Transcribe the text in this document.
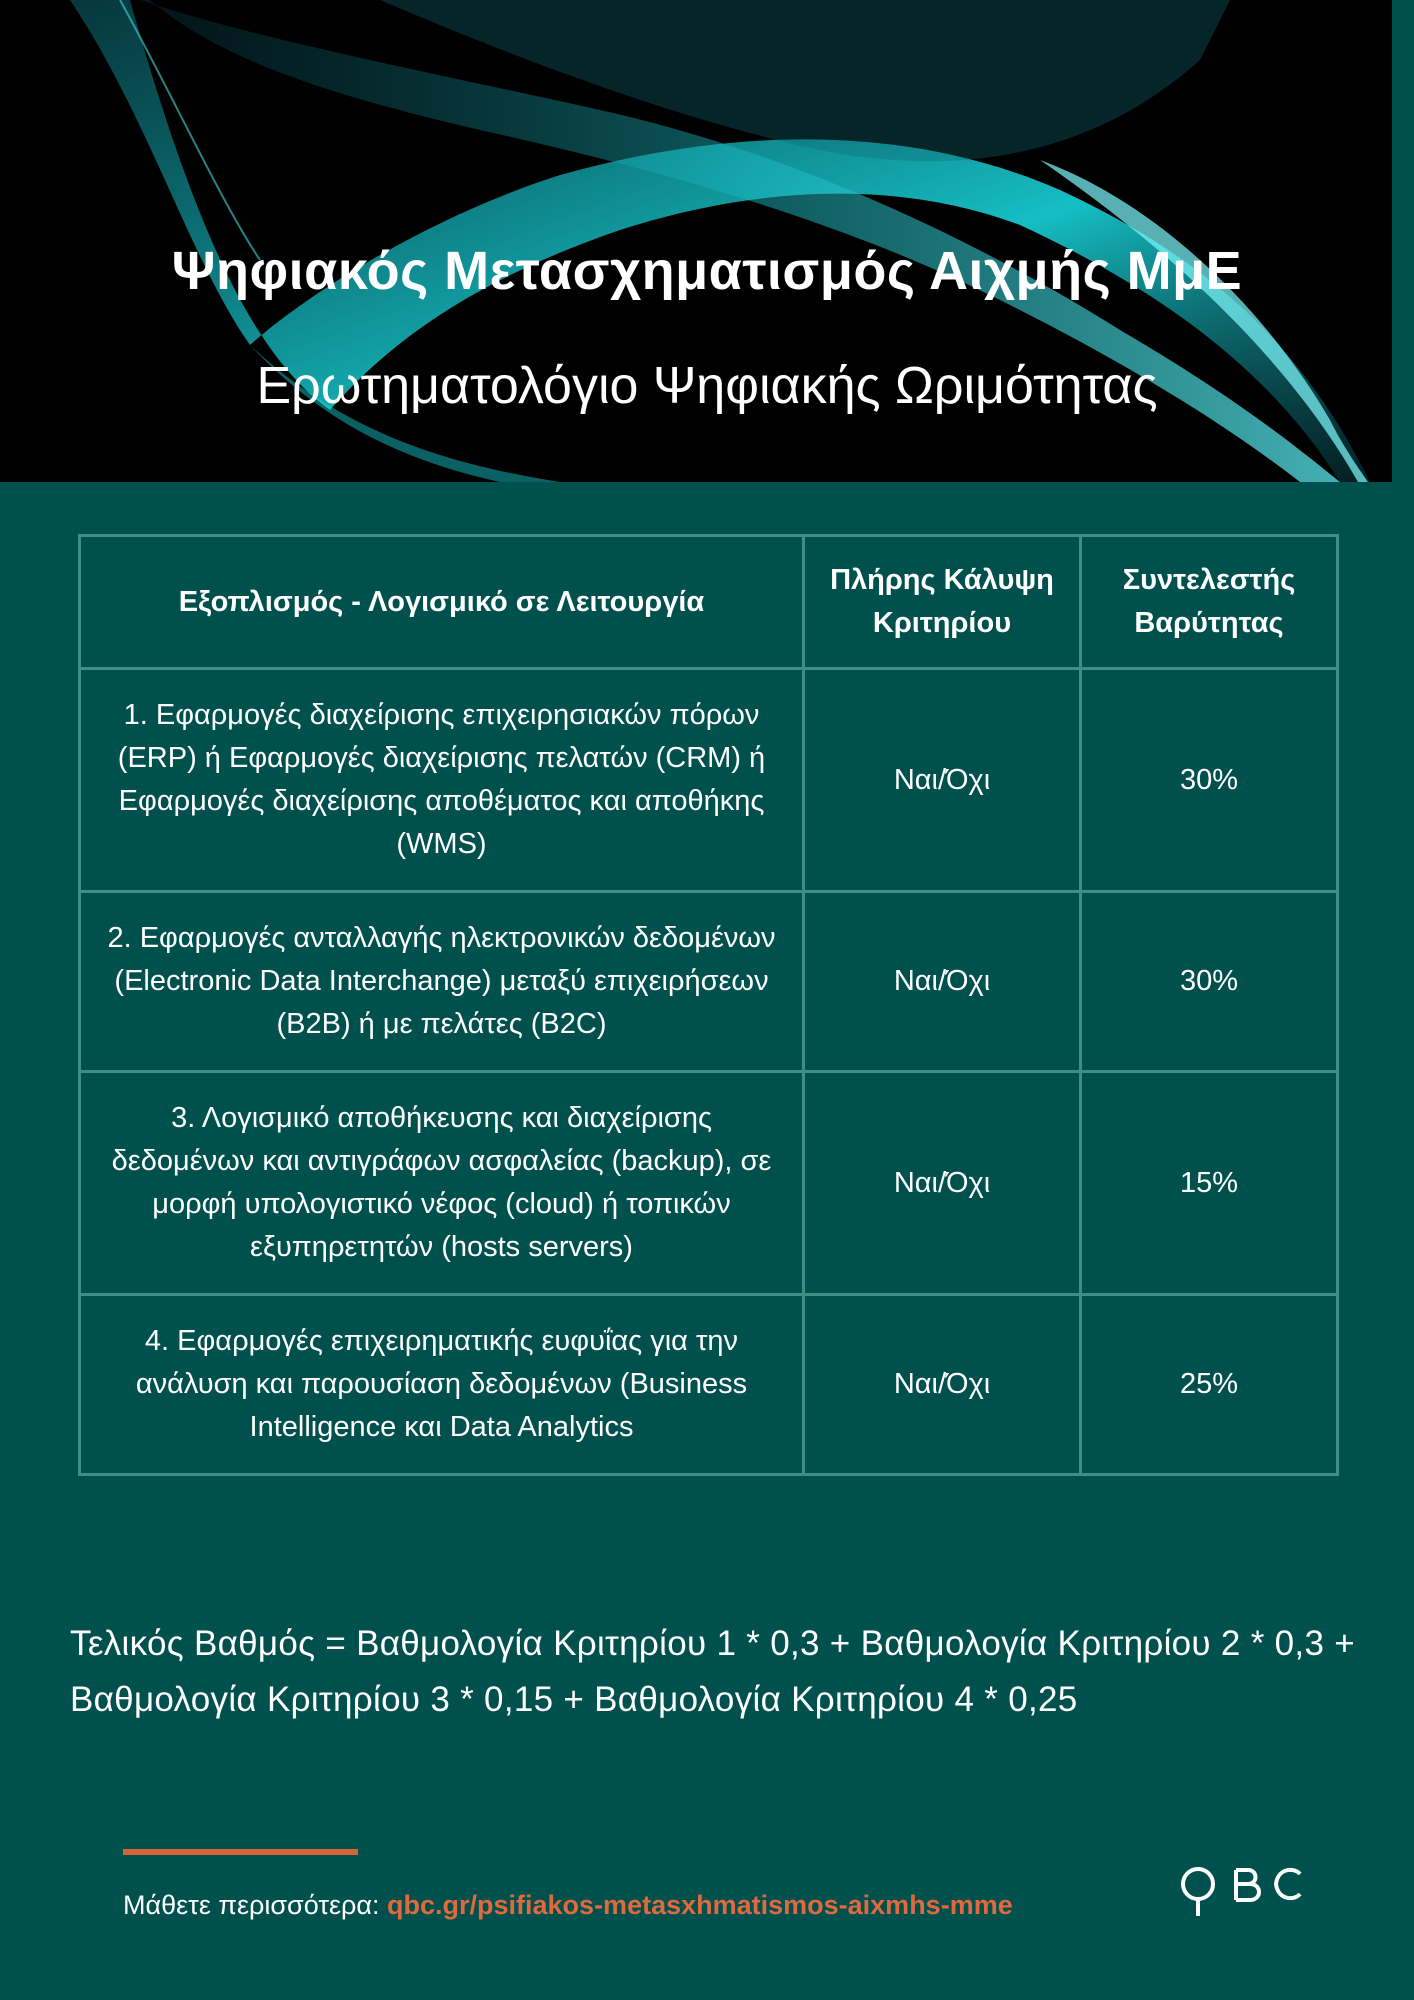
Ψηφιακός Μετασχηματισμός Αιχμής ΜμΕ
Ερωτηματολόγιο Ψηφιακής Ωριμότητας
Εξοπλισμός - Λογισμικό σε Λειτουργία	Πλήρης Κάλυψη Κριτηρίου	Συντελεστής Βαρύτητας
1. Εφαρμογές διαχείρισης επιχειρησιακών πόρων (ERP) ή Εφαρμογές διαχείρισης πελατών (CRM) ή Εφαρμογές διαχείρισης αποθέματος και αποθήκης (WMS)	Ναι/Όχι	30%
2. Εφαρμογές ανταλλαγής ηλεκτρονικών δεδομένων (Electronic Data Interchange) μεταξύ επιχειρήσεων (B2B) ή με πελάτες (B2C)	Ναι/Όχι	30%
3. Λογισμικό αποθήκευσης και διαχείρισης δεδομένων και αντιγράφων ασφαλείας (backup), σε μορφή υπολογιστικό νέφος (cloud) ή τοπικών εξυπηρετητών (hosts servers)	Ναι/Όχι	15%
4. Εφαρμογές επιχειρηματικής ευφυΐας για την ανάλυση και παρουσίαση δεδομένων (Business Intelligence και Data Analytics	Ναι/Όχι	25%
Τελικός Βαθμός = Βαθμολογία Κριτηρίου 1 * 0,3 + Βαθμολογία Κριτηρίου 2 * 0,3 + Βαθμολογία Κριτηρίου 3 * 0,15 + Βαθμολογία Κριτηρίου 4 * 0,25
Μάθετε περισσότερα: qbc.gr/psifiakos-metasxhmatismos-aixmhs-mme
